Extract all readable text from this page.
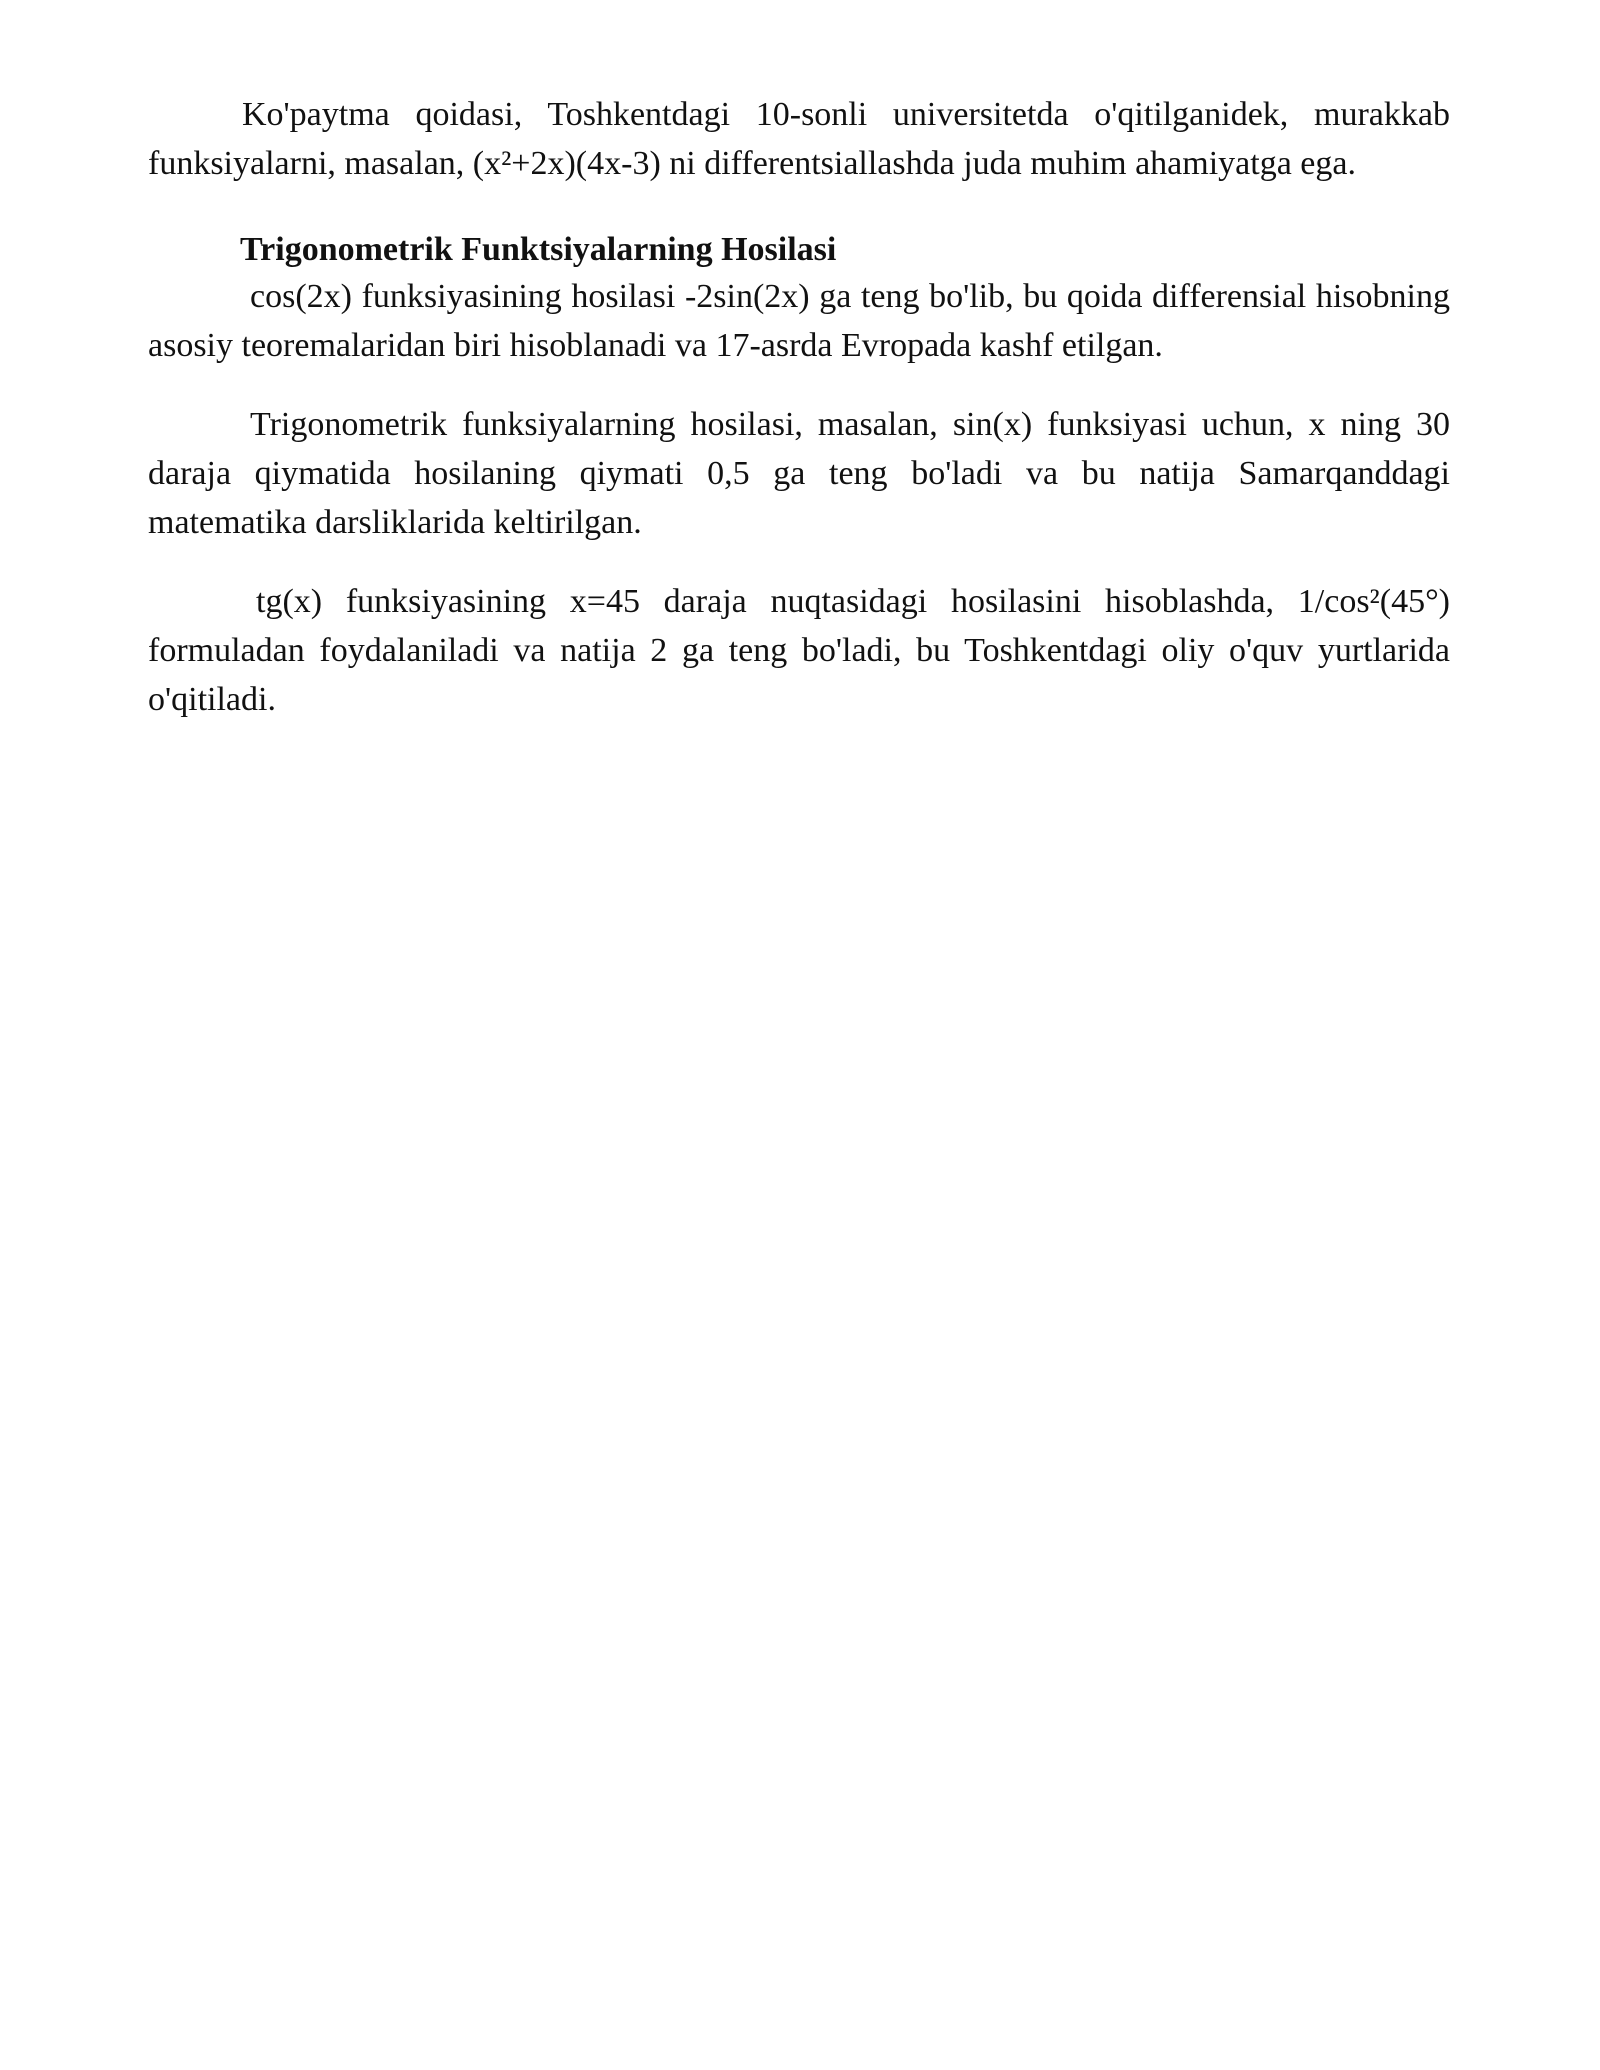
Ko'paytma qoidasi, Toshkentdagi 10-sonli universitetda o'qitilganidek, murakkab funksiyalarni, masalan, (x²+2x)(4x-3) ni differentsiallashda juda muhim ahamiyatga ega.

Trigonometrik Funktsiyalarning Hosilasi

cos(2x) funksiyasining hosilasi -2sin(2x) ga teng bo'lib, bu qoida differensial hisobning asosiy teoremalaridan biri hisoblanadi va 17-asrda Evropada kashf etilgan.

Trigonometrik funksiyalarning hosilasi, masalan, sin(x) funksiyasi uchun, x ning 30 daraja qiymatida hosilaning qiymati 0,5 ga teng bo'ladi va bu natija Samarqanddagi matematika darsliklarida keltirilgan.

tg(x) funksiyasining x=45 daraja nuqtasidagi hosilasini hisoblashda, 1/cos²(45°) formuladan foydalaniladi va natija 2 ga teng bo'ladi, bu Toshkentdagi oliy o'quv yurtlarida o'qitiladi.
